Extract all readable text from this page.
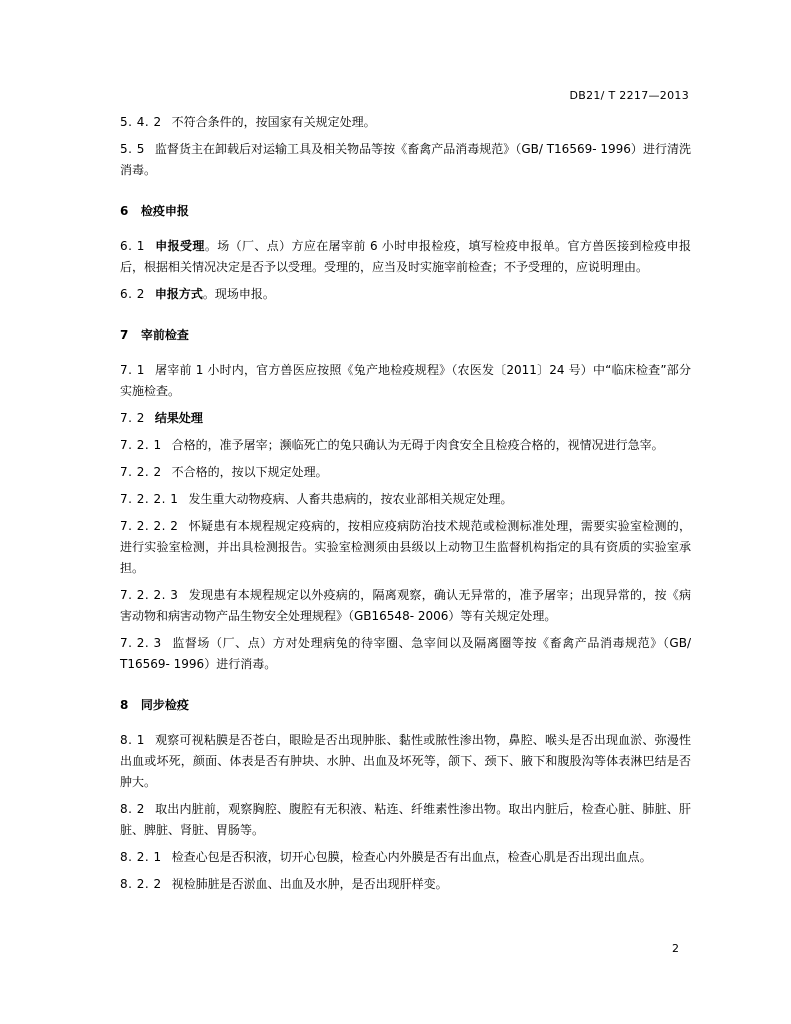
DB21/ T 2217—2013

5. 4. 2 不符合条件的，按国家有关规定处理。

5. 5 监督货主在卸载后对运输工具及相关物品等按《畜禽产品消毒规范》（GB/ T16569- 1996）进行清洗消毒。

6 检疫申报

6. 1 申报受理。场（厂、点）方应在屠宰前 6 小时申报检疫，填写检疫申报单。官方兽医接到检疫申报后，根据相关情况决定是否予以受理。受理的，应当及时实施宰前检查；不予受理的，应说明理由。

6. 2 申报方式。现场申报。

7 宰前检查

7. 1 屠宰前 1 小时内，官方兽医应按照《兔产地检疫规程》（农医发〔2011〕24 号）中“临床检查”部分实施检查。

7. 2 结果处理

7. 2. 1 合格的，准予屠宰；濒临死亡的兔只确认为无碍于肉食安全且检疫合格的，视情况进行急宰。

7. 2. 2 不合格的，按以下规定处理。

7. 2. 2. 1 发生重大动物疫病、人畜共患病的，按农业部相关规定处理。

7. 2. 2. 2 怀疑患有本规程规定疫病的，按相应疫病防治技术规范或检测标准处理，需要实验室检测的，进行实验室检测，并出具检测报告。实验室检测须由县级以上动物卫生监督机构指定的具有资质的实验室承担。

7. 2. 2. 3 发现患有本规程规定以外疫病的，隔离观察，确认无异常的，准予屠宰；出现异常的，按《病害动物和病害动物产品生物安全处理规程》（GB16548- 2006）等有关规定处理。

7. 2. 3 监督场（厂、点）方对处理病兔的待宰圈、急宰间以及隔离圈等按《畜禽产品消毒规范》（GB/ T16569- 1996）进行消毒。

8 同步检疫

8. 1 观察可视粘膜是否苍白，眼睑是否出现肿胀、黏性或脓性渗出物，鼻腔、喉头是否出现血淤、弥漫性出血或坏死，颜面、体表是否有肿块、水肿、出血及坏死等，颌下、颈下、腋下和腹股沟等体表淋巴结是否肿大。

8. 2 取出内脏前，观察胸腔、腹腔有无积液、粘连、纤维素性渗出物。取出内脏后，检查心脏、肺脏、肝脏、脾脏、肾脏、胃肠等。

8. 2. 1 检查心包是否积液，切开心包膜，检查心内外膜是否有出血点，检查心肌是否出现出血点。

8. 2. 2 视检肺脏是否淤血、出血及水肿，是否出现肝样变。

2
